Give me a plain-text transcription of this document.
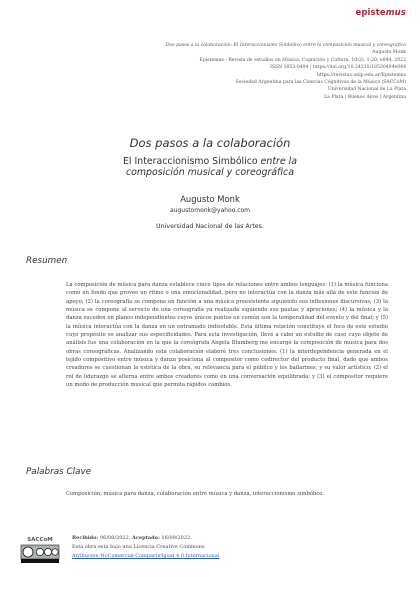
epistemus
Dos pasos a la colaboración: El Interaccionismo Simbólico entre la composición musical y coreográfica
Augusto Monk
Epistemus - Revista de estudios en Música, Cognición y Cultura, 10(2), 1-20, e044, 2022
ISSN 1853-0494 | https://doi.org/10.24215/18530494e044
https://revistas.unlp.edu.ar/Epistemus
Sociedad Argentina para las Ciencias Cognitivas de la Música (SACCoM)
Universidad Nacional de La Plata
La Plata | Buenos Aires | Argentina
Dos pasos a la colaboración
El Interaccionismo Simbólico entre la composición musical y coreográfica
Augusto Monk
augustomonk@yahoo.com
Universidad Nacional de las Artes.
Resumen
La composición de música para danza establece cinco tipos de relaciones entre ambos lenguajes: (1) la música funciona como un fondo que provee un ritmo o una emocionalidad, pero no interactúa con la danza más allá de este función de apoyo; (2) la coreografía se compone en función a una música preexistente siguiendo sus inflexiones discursivas; (3) la música se compone al servicio de una coreografía ya realizada siguiendo sus pautas y apreciones; (4) la música y la danza suceden en planos independientes cuyos únicos puntos en común son la temporalidad del evento y del final; y (5) la música interactúa con la danza en un entramado indisoluble. Esta última relación constituye el foco de este estudio cuyo propósito es analizar sus especificidades. Para esta investigación, llevé a cabo un estudio de caso cuyo objeto de análisis fue una colaboración en la que la coreógrafa Angela Blumberg me encargó la composición de música para dos obras coreográficas. Analizando esta colaboración elaboré tres conclusiones: (1) la interdependencia generada en el tejido compositivo entre música y danza posiciona al compositor como codirector del producto final, dado que ambos creadores se cuestionan la estética de la obra, su relevancia para el público y los bailarines, y su valor artístico; (2) el rol de liderazgo se alterna entre ambos creadores como en una conversación equilibrada; y (3) el compositor requiere un modo de producción musical que permita rápidos cambios.
Palabras Clave
Composición, música para danza, colaboración entre música y danza, interaccionismo simbólico.
SACCoM	Recibido: 06/08/2022. Aceptado: 16/09/2022.
Esta obra está bajo una Licencia Creative Commons
Atribución-NoComercial-CompartirIgual 4.0 Internacional
